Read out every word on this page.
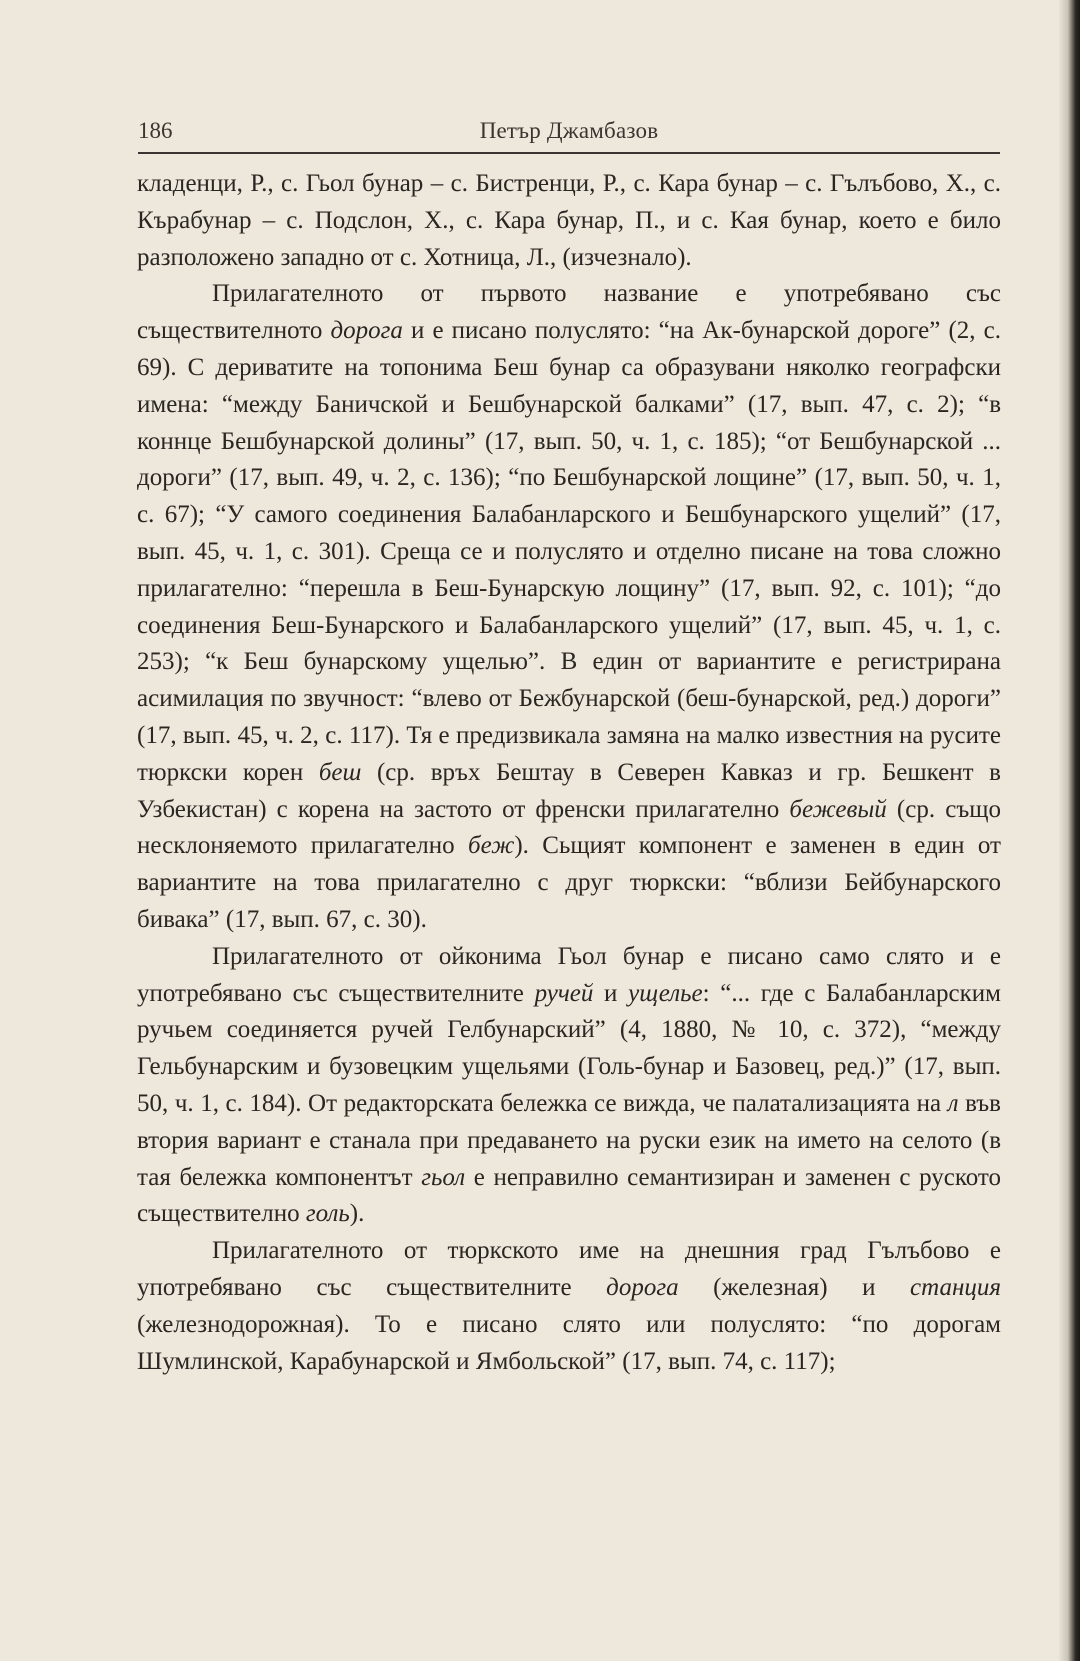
186	Петър Джамбазов

кладенци, Р., с. Гьол бунар – с. Бистренци, Р., с. Кара бунар – с. Гълъбово, Х., с. Кърабунар – с. Подслон, Х., с. Кара бунар, П., и с. Кая бунар, което е било разположено западно от с. Хотница, Л., (изчезнало).

Прилагателното от първото название е употребявано със съществителното дорога и е писано полуслято: “на Ак-бунарской дороге” (2, с. 69). С дериватите на топонима Беш бунар са образувани няколко географски имена: “между Баничской и Бешбунарской балками” (17, вып. 47, с. 2); “в коннце Бешбунарской долины” (17, вып. 50, ч. 1, с. 185); “от Бешбунарской ... дороги” (17, вып. 49, ч. 2, с. 136); “по Бешбунарской лощине” (17, вып. 50, ч. 1, с. 67); “У самого соединения Балабанларского и Бешбунарского ущелий” (17, вып. 45, ч. 1, с. 301). Среща се и полуслято и отделно писане на това сложно прилагателно: “перешла в Беш-Бунарскую лощину” (17, вып. 92, с. 101); “до соединения Беш-Бунарского и Балабанларского ущелий” (17, вып. 45, ч. 1, с. 253); “к Беш бунарскому ущелью”. В един от вариантите е регистрирана асимилация по звучност: “влево от Бежбунарской (беш-бунарской, ред.) дороги” (17, вып. 45, ч. 2, с. 117). Тя е предизвикала замяна на малко известния на русите тюркски корен беш (ср. връх Бештау в Северен Кавказ и гр. Бешкент в Узбекистан) с корена на застото от френски прилагателно бежевый (ср. също несклоняемото прилагателно беж). Сьщият компонент е заменен в един от вариантите на това прилагателно с друг тюркски: “вблизи Бейбунарского бивака” (17, вып. 67, с. 30).

Прилагателното от ойконима Гьол бунар е писано само слято и е употребявано със съществителните ручей и ущелье: “... где с Балабанларским ручьем соединяется ручей Гелбунарский” (4, 1880, № 10, с. 372), “между Гельбунарским и бузовецким ущельями (Голь-бунар и Базовец, ред.)” (17, вып. 50, ч. 1, с. 184). От редакторската бележка се вижда, че палатализацията на л във втория вариант е станала при предаването на руски език на името на селото (в тая бележка компонентът гьол е неправилно семантизиран и заменен с руското съществително голь).

Прилагателното от тюркското име на днешния град Гълъбово е употребявано със съществителните дорога (железная) и станция (железнодорожная). То е писано слято или полуслято: “по дорогам Шумлинской, Карабунарской и Ямбольской” (17, вып. 74, с. 117);
